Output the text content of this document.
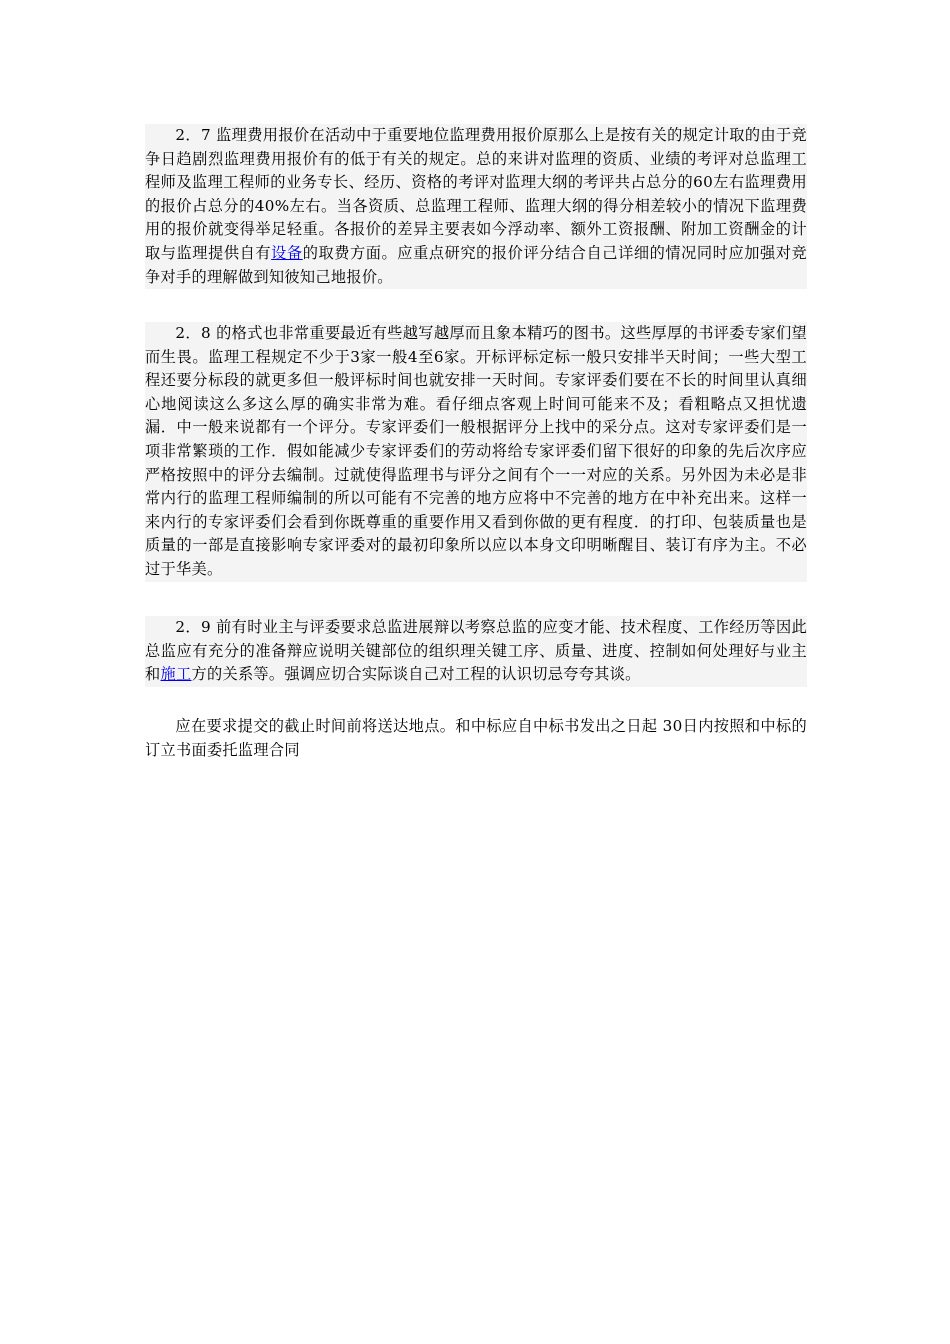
2．7 监理费用报价在活动中于重要地位监理费用报价原那么上是按有关的规定计取的由于竞争日趋剧烈监理费用报价有的低于有关的规定。总的来讲对监理的资质、业绩的考评对总监理工程师及监理工程师的业务专长、经历、资格的考评对监理大纲的考评共占总分的60左右监理费用的报价占总分的40%左右。当各资质、总监理工程师、监理大纲的得分相差较小的情况下监理费用的报价就变得举足轻重。各报价的差异主要表如今浮动率、额外工资报酬、附加工资酬金的计取与监理提供自有设备的取费方面。应重点研究的报价评分结合自己详细的情况同时应加强对竞争对手的理解做到知彼知己地报价。

2．8 的格式也非常重要最近有些越写越厚而且象本精巧的图书。这些厚厚的书评委专家们望而生畏。监理工程规定不少于3家一般4至6家。开标评标定标一般只安排半天时间；一些大型工程还要分标段的就更多但一般评标时间也就安排一天时间。专家评委们要在不长的时间里认真细心地阅读这么多这么厚的确实非常为难。看仔细点客观上时间可能来不及；看粗略点又担忧遗漏．中一般来说都有一个评分。专家评委们一般根据评分上找中的采分点。这对专家评委们是一项非常繁琐的工作．假如能减少专家评委们的劳动将给专家评委们留下很好的印象的先后次序应严格按照中的评分去编制。过就使得监理书与评分之间有个一一对应的关系。另外因为未必是非常内行的监理工程师编制的所以可能有不完善的地方应将中不完善的地方在中补充出来。这样一来内行的专家评委们会看到你既尊重的重要作用又看到你做的更有程度．的打印、包装质量也是质量的一部是直接影响专家评委对的最初印象所以应以本身文印明晰醒目、装订有序为主。不必过于华美。

2．9 前有时业主与评委要求总监进展辩以考察总监的应变才能、技术程度、工作经历等因此总监应有充分的准备辩应说明关键部位的组织理关键工序、质量、进度、控制如何处理好与业主和施工方的关系等。强调应切合实际谈自己对工程的认识切忌夸夸其谈。

应在要求提交的截止时间前将送达地点。和中标应自中标书发出之日起 30日内按照和中标的订立书面委托监理合同
